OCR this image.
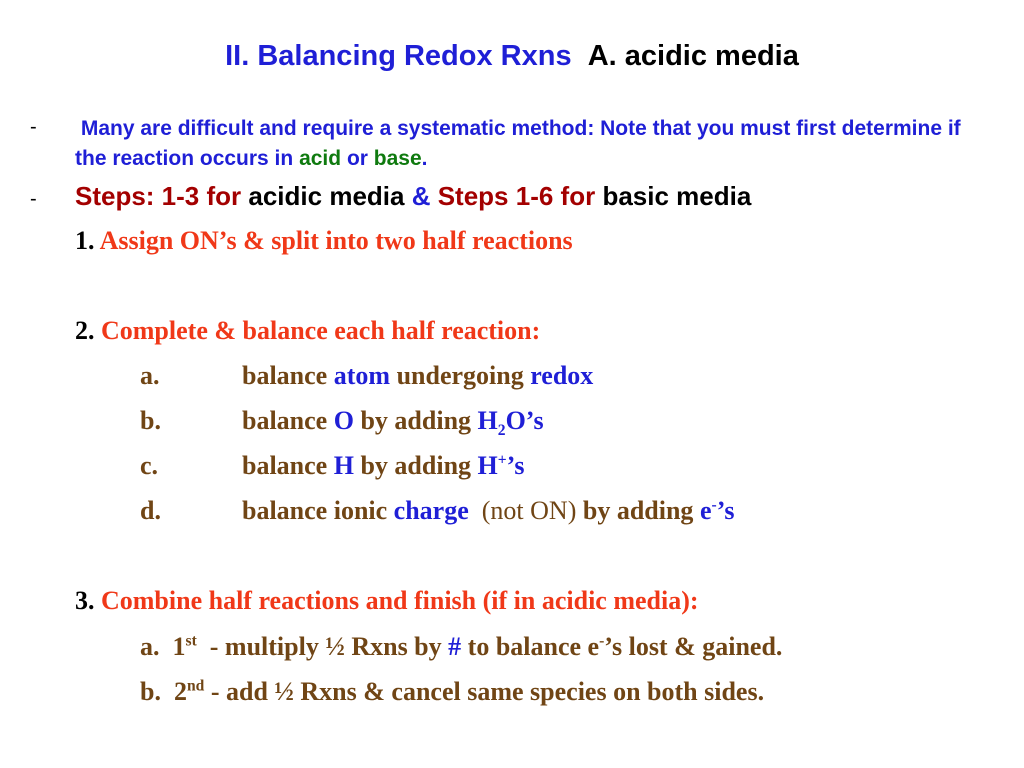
II. Balancing Redox Rxns A. acidic media
- Many are difficult and require a systematic method: Note that you must first determine if the reaction occurs in acid or base.
- Steps: 1-3 for acidic media & Steps 1-6 for basic media
1. Assign ON’s & split into two half reactions
2. Complete & balance each half reaction:
a.	balance atom undergoing redox
b.	balance O by adding $H_2O’s$
c.	balance H by adding H+’s
d.	balance ionic charge (not ON) by adding e-’s
3. Combine half reactions and finish (if in acidic media):
a. 1st - multiply ½ Rxns by # to balance e-’s lost & gained.
b. 2nd - add ½ Rxns & cancel same species on both sides.
